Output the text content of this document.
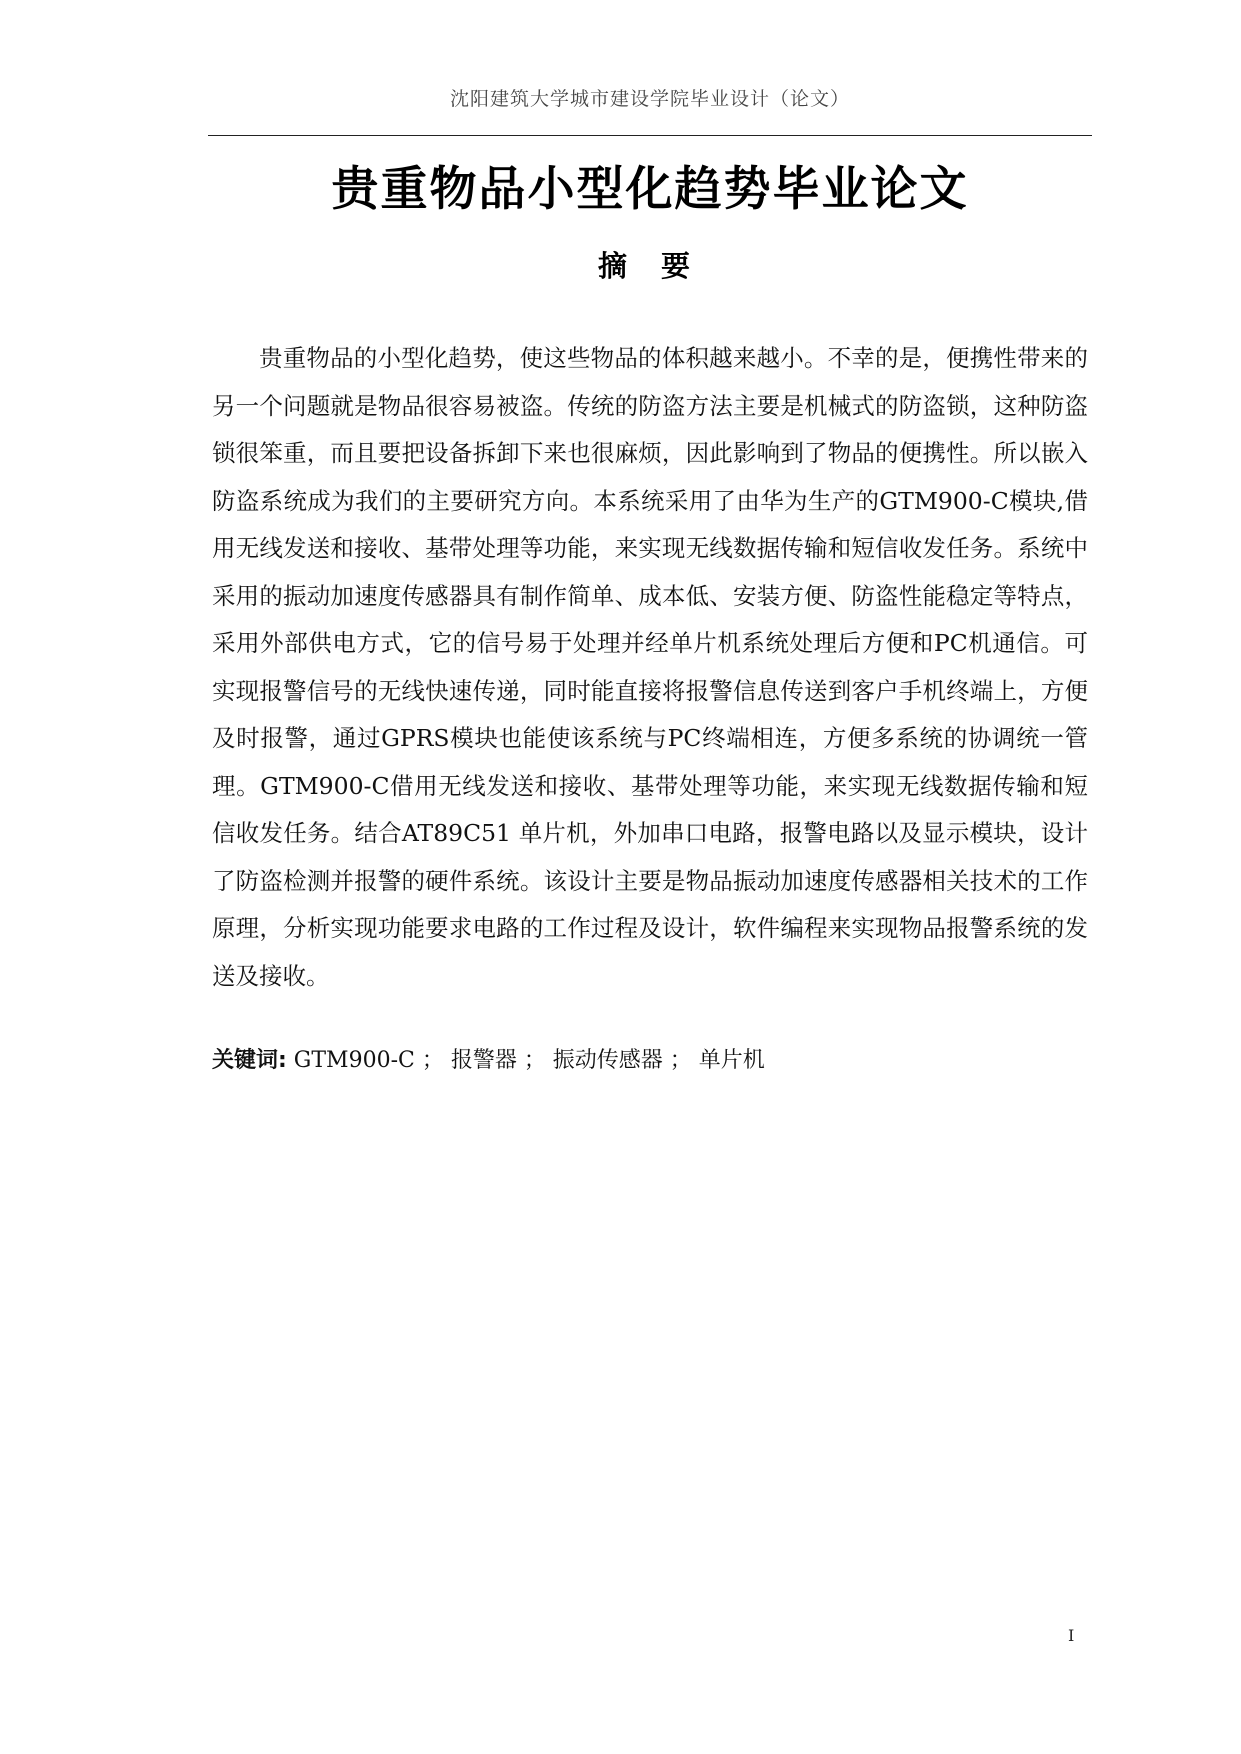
沈阳建筑大学城市建设学院毕业设计（论文）
贵重物品小型化趋势毕业论文
摘 要
贵重物品的小型化趋势，使这些物品的体积越来越小。不幸的是，便携性带来的另一个问题就是物品很容易被盗。传统的防盗方法主要是机械式的防盗锁，这种防盗锁很笨重，而且要把设备拆卸下来也很麻烦，因此影响到了物品的便携性。所以嵌入防盗系统成为我们的主要研究方向。本系统采用了由华为生产的GTM900-C模块,借用无线发送和接收、基带处理等功能，来实现无线数据传输和短信收发任务。系统中采用的振动加速度传感器具有制作简单、成本低、安装方便、防盗性能稳定等特点，采用外部供电方式，它的信号易于处理并经单片机系统处理后方便和PC机通信。可实现报警信号的无线快速传递，同时能直接将报警信息传送到客户手机终端上，方便及时报警，通过GPRS模块也能使该系统与PC终端相连，方便多系统的协调统一管理。GTM900-C借用无线发送和接收、基带处理等功能，来实现无线数据传输和短信收发任务。结合AT89C51 单片机，外加串口电路，报警电路以及显示模块，设计了防盗检测并报警的硬件系统。该设计主要是物品振动加速度传感器相关技术的工作原理，分析实现功能要求电路的工作过程及设计，软件编程来实现物品报警系统的发送及接收。
关键词: GTM900-C ； 报警器 ； 振动传感器 ； 单片机
I
